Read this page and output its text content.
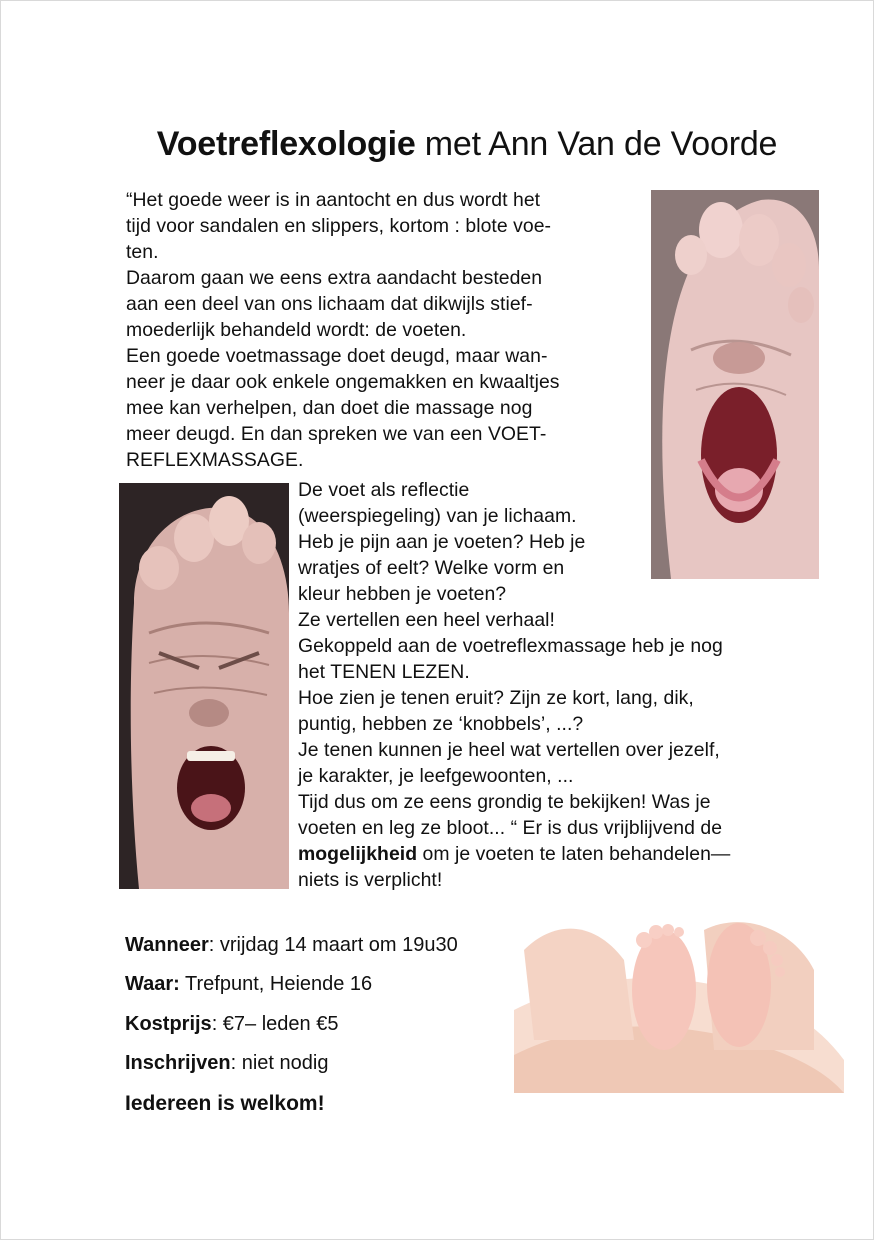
Voetreflexologie met Ann Van de Voorde
“Het goede weer is in aantocht en dus wordt het
tijd voor sandalen en slippers, kortom : blote voe-
ten.
Daarom gaan we eens extra aandacht besteden
aan een deel van ons lichaam dat dikwijls stief-
moederlijk behandeld wordt: de voeten.
Een goede voetmassage doet deugd, maar wan-
neer je daar ook enkele ongemakken en kwaaltjes
mee kan verhelpen, dan doet die massage nog
meer deugd. En dan spreken we van een VOET-
REFLEXMASSAGE.
De voet als reflectie
(weerspiegeling) van je lichaam.
Heb je pijn aan je voeten? Heb je
wratjes of eelt? Welke vorm en
kleur hebben je voeten?
Ze vertellen een heel verhaal!
Gekoppeld aan de voetreflexmassage heb je nog
het TENEN LEZEN.
Hoe zien je tenen eruit? Zijn ze kort, lang, dik,
puntig, hebben ze ‘knobbels’, ...?
Je tenen kunnen je heel wat vertellen over jezelf,
je karakter, je leefgewoonten, ...
Tijd dus om ze eens grondig te bekijken! Was je
voeten en leg ze bloot... “ Er is dus vrijblijvend de
mogelijkheid om je voeten te laten behandelen—
niets is verplicht!
Wanneer: vrijdag 14 maart om 19u30
Waar: Trefpunt, Heiende 16
Kostprijs: €7– leden €5
Inschrijven: niet nodig
Iedereen is welkom!
